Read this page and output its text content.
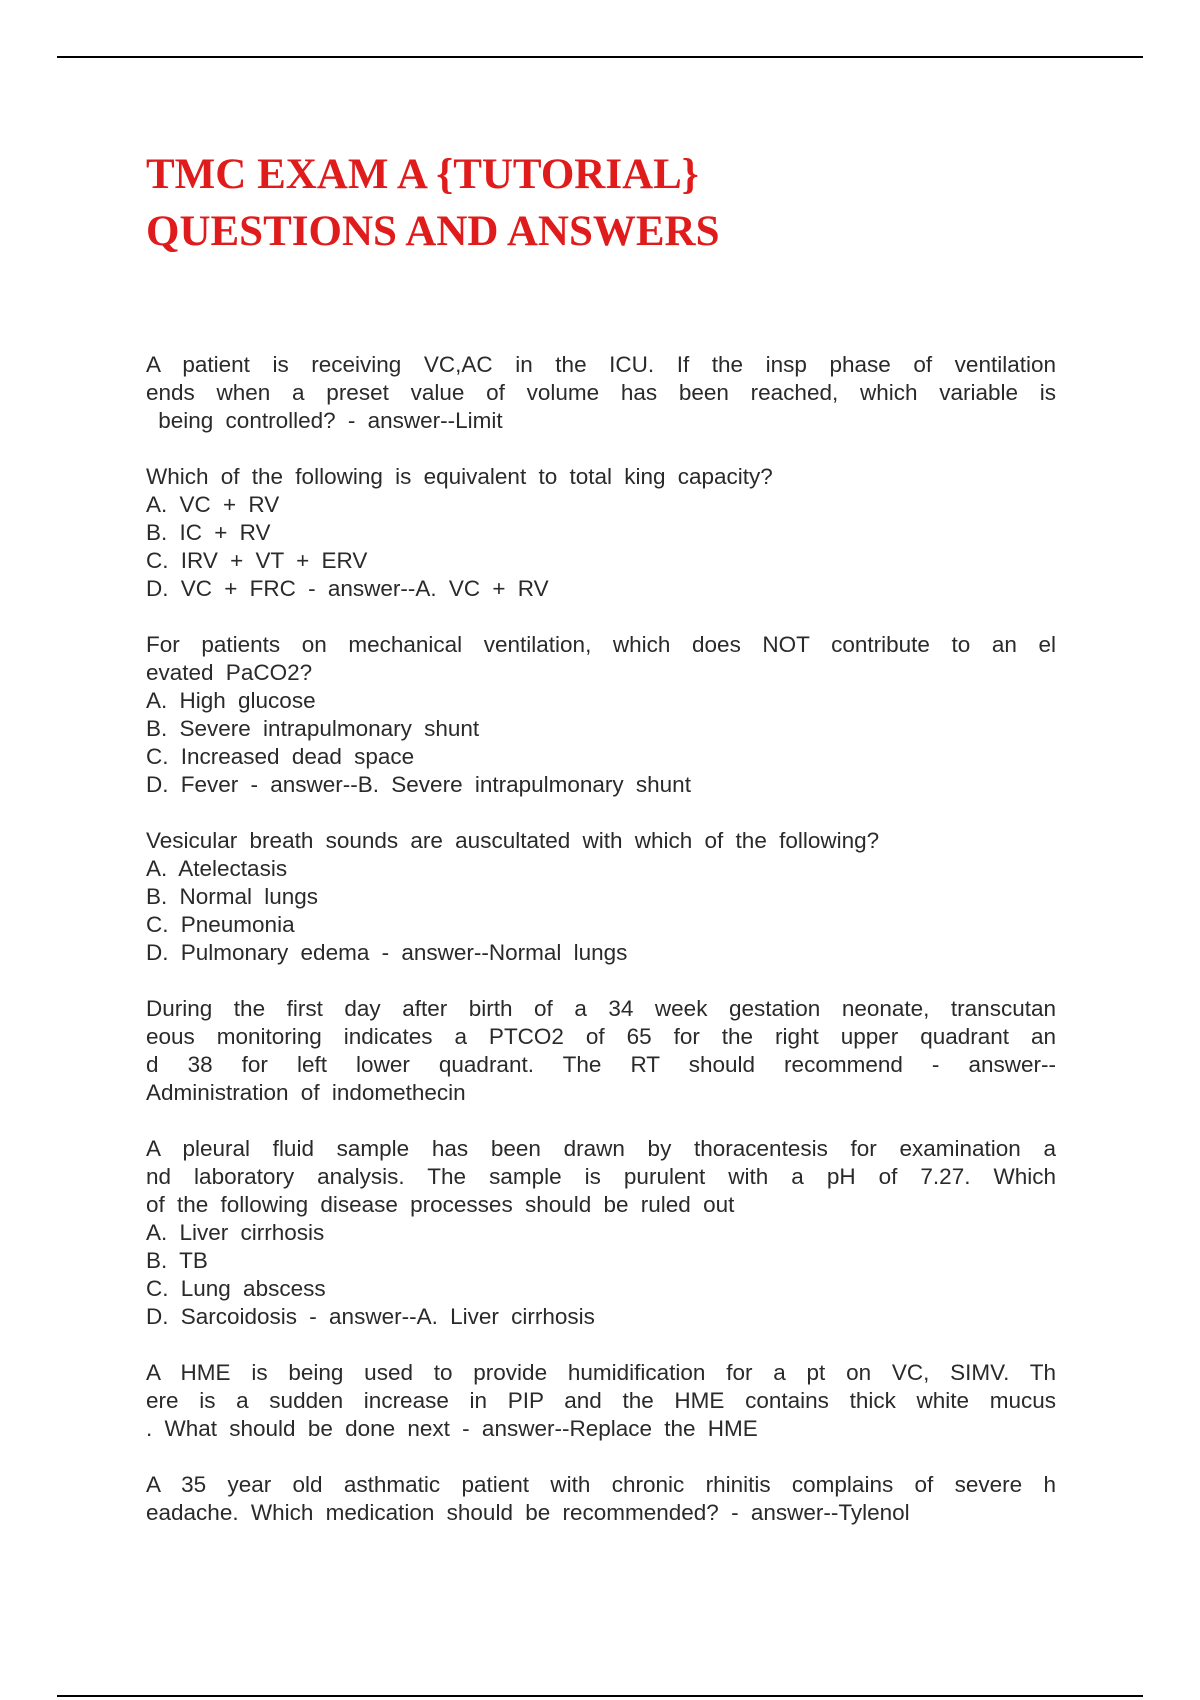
TMC EXAM A {TUTORIAL}
QUESTIONS AND ANSWERS
A patient is receiving VC,AC in the ICU. If the insp phase of ventilation
ends when a preset value of volume has been reached, which variable is
being controlled? - answer--Limit
Which of the following is equivalent to total king capacity?
A. VC + RV
B. IC + RV
C. IRV + VT + ERV
D. VC + FRC - answer--A. VC + RV
For patients on mechanical ventilation, which does NOT contribute to an el
evated PaCO2?
A. High glucose
B. Severe intrapulmonary shunt
C. Increased dead space
D. Fever - answer--B. Severe intrapulmonary shunt
Vesicular breath sounds are auscultated with which of the following?
A. Atelectasis
B. Normal lungs
C. Pneumonia
D. Pulmonary edema - answer--Normal lungs
During the first day after birth of a 34 week gestation neonate, transcutan
eous monitoring indicates a PTCO2 of 65 for the right upper quadrant an
d 38 for left lower quadrant. The RT should recommend - answer--
Administration of indomethecin
A pleural fluid sample has been drawn by thoracentesis for examination a
nd laboratory analysis. The sample is purulent with a pH of 7.27. Which
of the following disease processes should be ruled out
A. Liver cirrhosis
B. TB
C. Lung abscess
D. Sarcoidosis - answer--A. Liver cirrhosis
A HME is being used to provide humidification for a pt on VC, SIMV. Th
ere is a sudden increase in PIP and the HME contains thick white mucus
. What should be done next - answer--Replace the HME
A 35 year old asthmatic patient with chronic rhinitis complains of severe h
eadache. Which medication should be recommended? - answer--Tylenol
